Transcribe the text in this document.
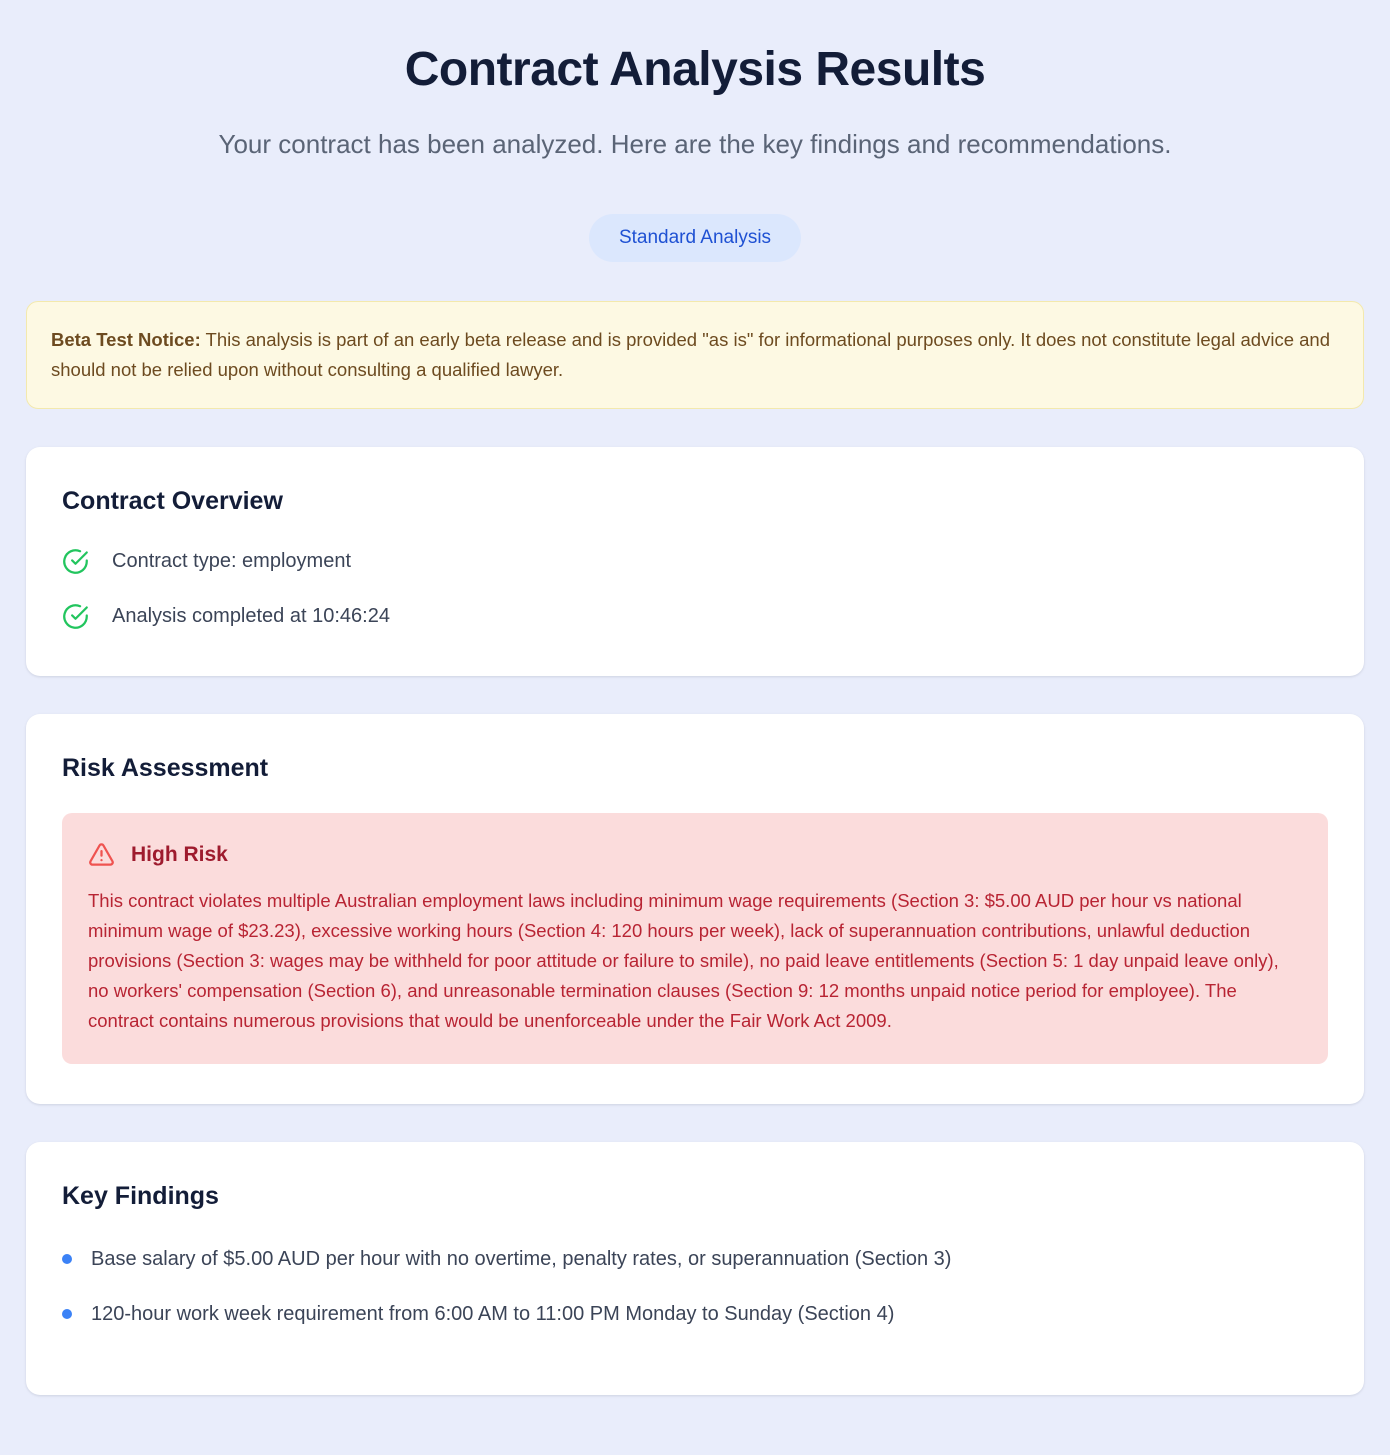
Contract Analysis Results
Your contract has been analyzed. Here are the key findings and recommendations.
Standard Analysis
Beta Test Notice: This analysis is part of an early beta release and is provided "as is" for informational purposes only. It does not constitute legal advice and should not be relied upon without consulting a qualified lawyer.
Contract Overview
Contract type: employment
Analysis completed at 10:46:24
Risk Assessment
High Risk
This contract violates multiple Australian employment laws including minimum wage requirements (Section 3: $5.00 AUD per hour vs national minimum wage of $23.23), excessive working hours (Section 4: 120 hours per week), lack of superannuation contributions, unlawful deduction provisions (Section 3: wages may be withheld for poor attitude or failure to smile), no paid leave entitlements (Section 5: 1 day unpaid leave only), no workers' compensation (Section 6), and unreasonable termination clauses (Section 9: 12 months unpaid notice period for employee). The contract contains numerous provisions that would be unenforceable under the Fair Work Act 2009.
Key Findings
Base salary of $5.00 AUD per hour with no overtime, penalty rates, or superannuation (Section 3)
120-hour work week requirement from 6:00 AM to 11:00 PM Monday to Sunday (Section 4)
